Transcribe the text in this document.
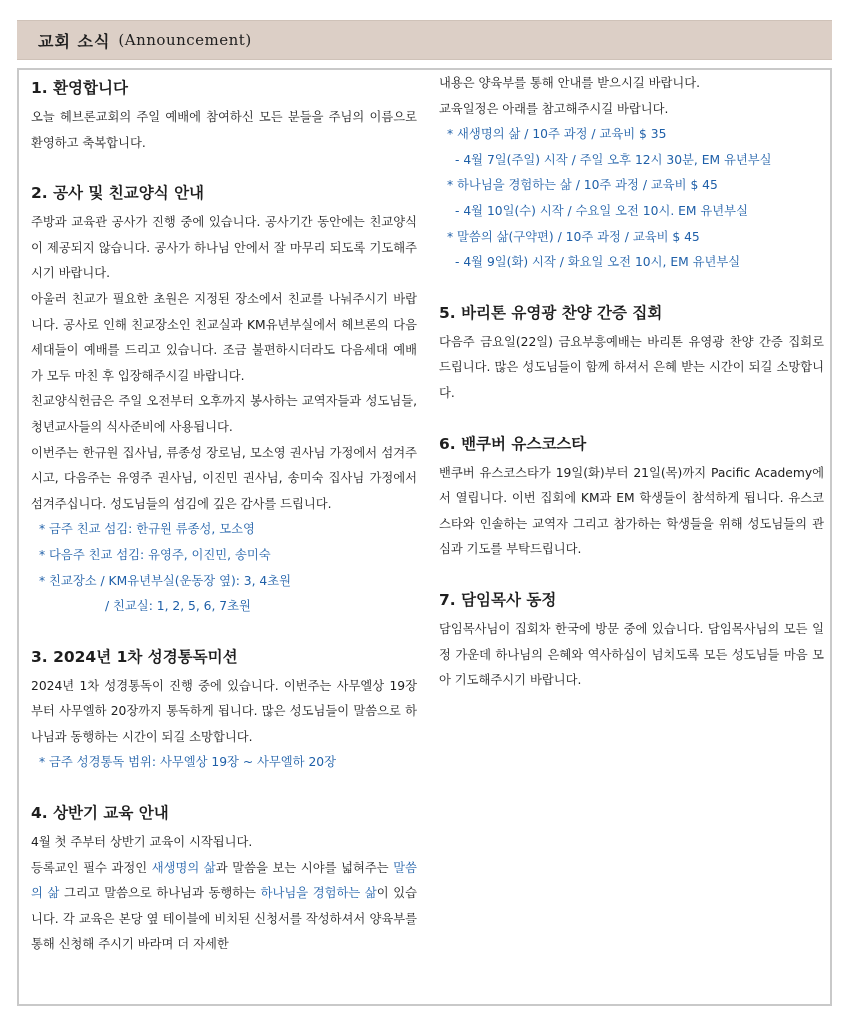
교회 소식 (Announcement)
1. 환영합니다

오늘 헤브론교회의 주일 예배에 참여하신 모든 분들을 주님의 이름으로 환영하고 축복합니다.

2. 공사 및 친교양식 안내

주방과 교육관 공사가 진행 중에 있습니다. 공사기간 동안에는 친교양식이 제공되지 않습니다. 공사가 하나님 안에서 잘 마무리 되도록 기도해주시기 바랍니다.

아울러 친교가 필요한 초원은 지정된 장소에서 친교를 나눠주시기 바랍니다. 공사로 인해 친교장소인 친교실과 KM유년부실에서 헤브론의 다음세대들이 예배를 드리고 있습니다. 조금 불편하시더라도 다음세대 예배가 모두 마친 후 입장해주시길 바랍니다.

친교양식헌금은 주일 오전부터 오후까지 봉사하는 교역자들과 성도님들, 청년교사들의 식사준비에 사용됩니다.

이번주는 한규원 집사님, 류종성 장로님, 모소영 권사님 가정에서 섬겨주시고, 다음주는 유영주 권사님, 이진민 권사님, 송미숙 집사님 가정에서 섬겨주십니다. 성도님들의 섬김에 깊은 감사를 드립니다.

* 금주 친교 섬김: 한규원 류종성, 모소영

* 다음주 친교 섬김: 유영주, 이진민, 송미숙

* 친교장소 / KM유년부실(운동장 옆): 3, 4초원

/ 친교실: 1, 2, 5, 6, 7초원

3. 2024년 1차 성경통독미션

2024년 1차 성경통독이 진행 중에 있습니다. 이번주는 사무엘상 19장부터 사무엘하 20장까지 통독하게 됩니다. 많은 성도님들이 말씀으로 하나님과 동행하는 시간이 되길 소망합니다.

* 금주 성경통독 범위: 사무엘상 19장 ~ 사무엘하 20장

4. 상반기 교육 안내

4월 첫 주부터 상반기 교육이 시작됩니다.

등록교인 필수 과정인 새생명의 삶과 말씀을 보는 시야를 넓혀주는 말씀의 삶 그리고 말씀으로 하나님과 동행하는 하나님을 경험하는 삶이 있습니다. 각 교육은 본당 옆 테이블에 비치된 신청서를 작성하셔서 양육부를 통해 신청해 주시기 바라며 더 자세한

내용은 양육부를 통해 안내를 받으시길 바랍니다.

교육일정은 아래를 참고해주시길 바랍니다.

* 새생명의 삶 / 10주 과정 / 교육비 $ 35

- 4월 7일(주일) 시작 / 주일 오후 12시 30분, EM 유년부실

* 하나님을 경험하는 삶 / 10주 과정 / 교육비 $ 45

- 4월 10일(수) 시작 / 수요일 오전 10시. EM 유년부실

* 말씀의 삶(구약편) / 10주 과정 / 교육비 $ 45

- 4월 9일(화) 시작 / 화요일 오전 10시, EM 유년부실

5. 바리톤 유영광 찬양 간증 집회

다음주 금요일(22일) 금요부흥예배는 바리톤 유영광 찬양 간증 집회로 드립니다. 많은 성도님들이 함께 하셔서 은혜 받는 시간이 되길 소망합니다.

6. 밴쿠버 유스코스타

밴쿠버 유스코스타가 19일(화)부터 21일(목)까지 Pacific Academy에서 열립니다. 이번 집회에 KM과 EM 학생들이 참석하게 됩니다. 유스코스타와 인솔하는 교역자 그리고 참가하는 학생들을 위해 성도님들의 관심과 기도를 부탁드립니다.

7. 담임목사 동정

담임목사님이 집회차 한국에 방문 중에 있습니다. 담임목사님의 모든 일정 가운데 하나님의 은혜와 역사하심이 넘치도록 모든 성도님들 마음 모아 기도해주시기 바랍니다.
